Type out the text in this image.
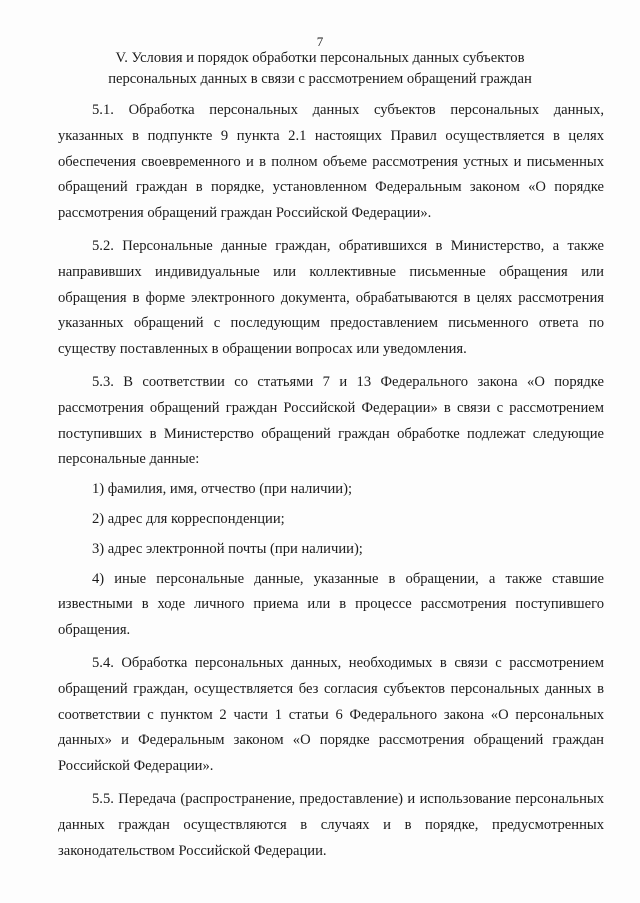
7
V. Условия и порядок обработки персональных данных субъектов
персональных данных в связи с рассмотрением обращений граждан

5.1. Обработка персональных данных субъектов персональных данных, указанных в подпункте 9 пункта 2.1 настоящих Правил осуществляется в целях обеспечения своевременного и в полном объеме рассмотрения устных и письменных обращений граждан в порядке, установленном Федеральным законом «О порядке рассмотрения обращений граждан Российской Федерации».

5.2. Персональные данные граждан, обратившихся в Министерство, а также направивших индивидуальные или коллективные письменные обращения или обращения в форме электронного документа, обрабатываются в целях рассмотрения указанных обращений с последующим предоставлением письменного ответа по существу поставленных в обращении вопросах или уведомления.

5.3. В соответствии со статьями 7 и 13 Федерального закона «О порядке рассмотрения обращений граждан Российской Федерации» в связи с рассмотрением поступивших в Министерство обращений граждан обработке подлежат следующие персональные данные:

1) фамилия, имя, отчество (при наличии);

2) адрес для корреспонденции;

3) адрес электронной почты (при наличии);

4) иные персональные данные, указанные в обращении, а также ставшие известными в ходе личного приема или в процессе рассмотрения поступившего обращения.

5.4. Обработка персональных данных, необходимых в связи с рассмотрением обращений граждан, осуществляется без согласия субъектов персональных данных в соответствии с пунктом 2 части 1 статьи 6 Федерального закона «О персональных данных» и Федеральным законом «О порядке рассмотрения обращений граждан Российской Федерации».

5.5. Передача (распространение, предоставление) и использование персональных данных граждан осуществляются в случаях и в порядке, предусмотренных законодательством Российской Федерации.
